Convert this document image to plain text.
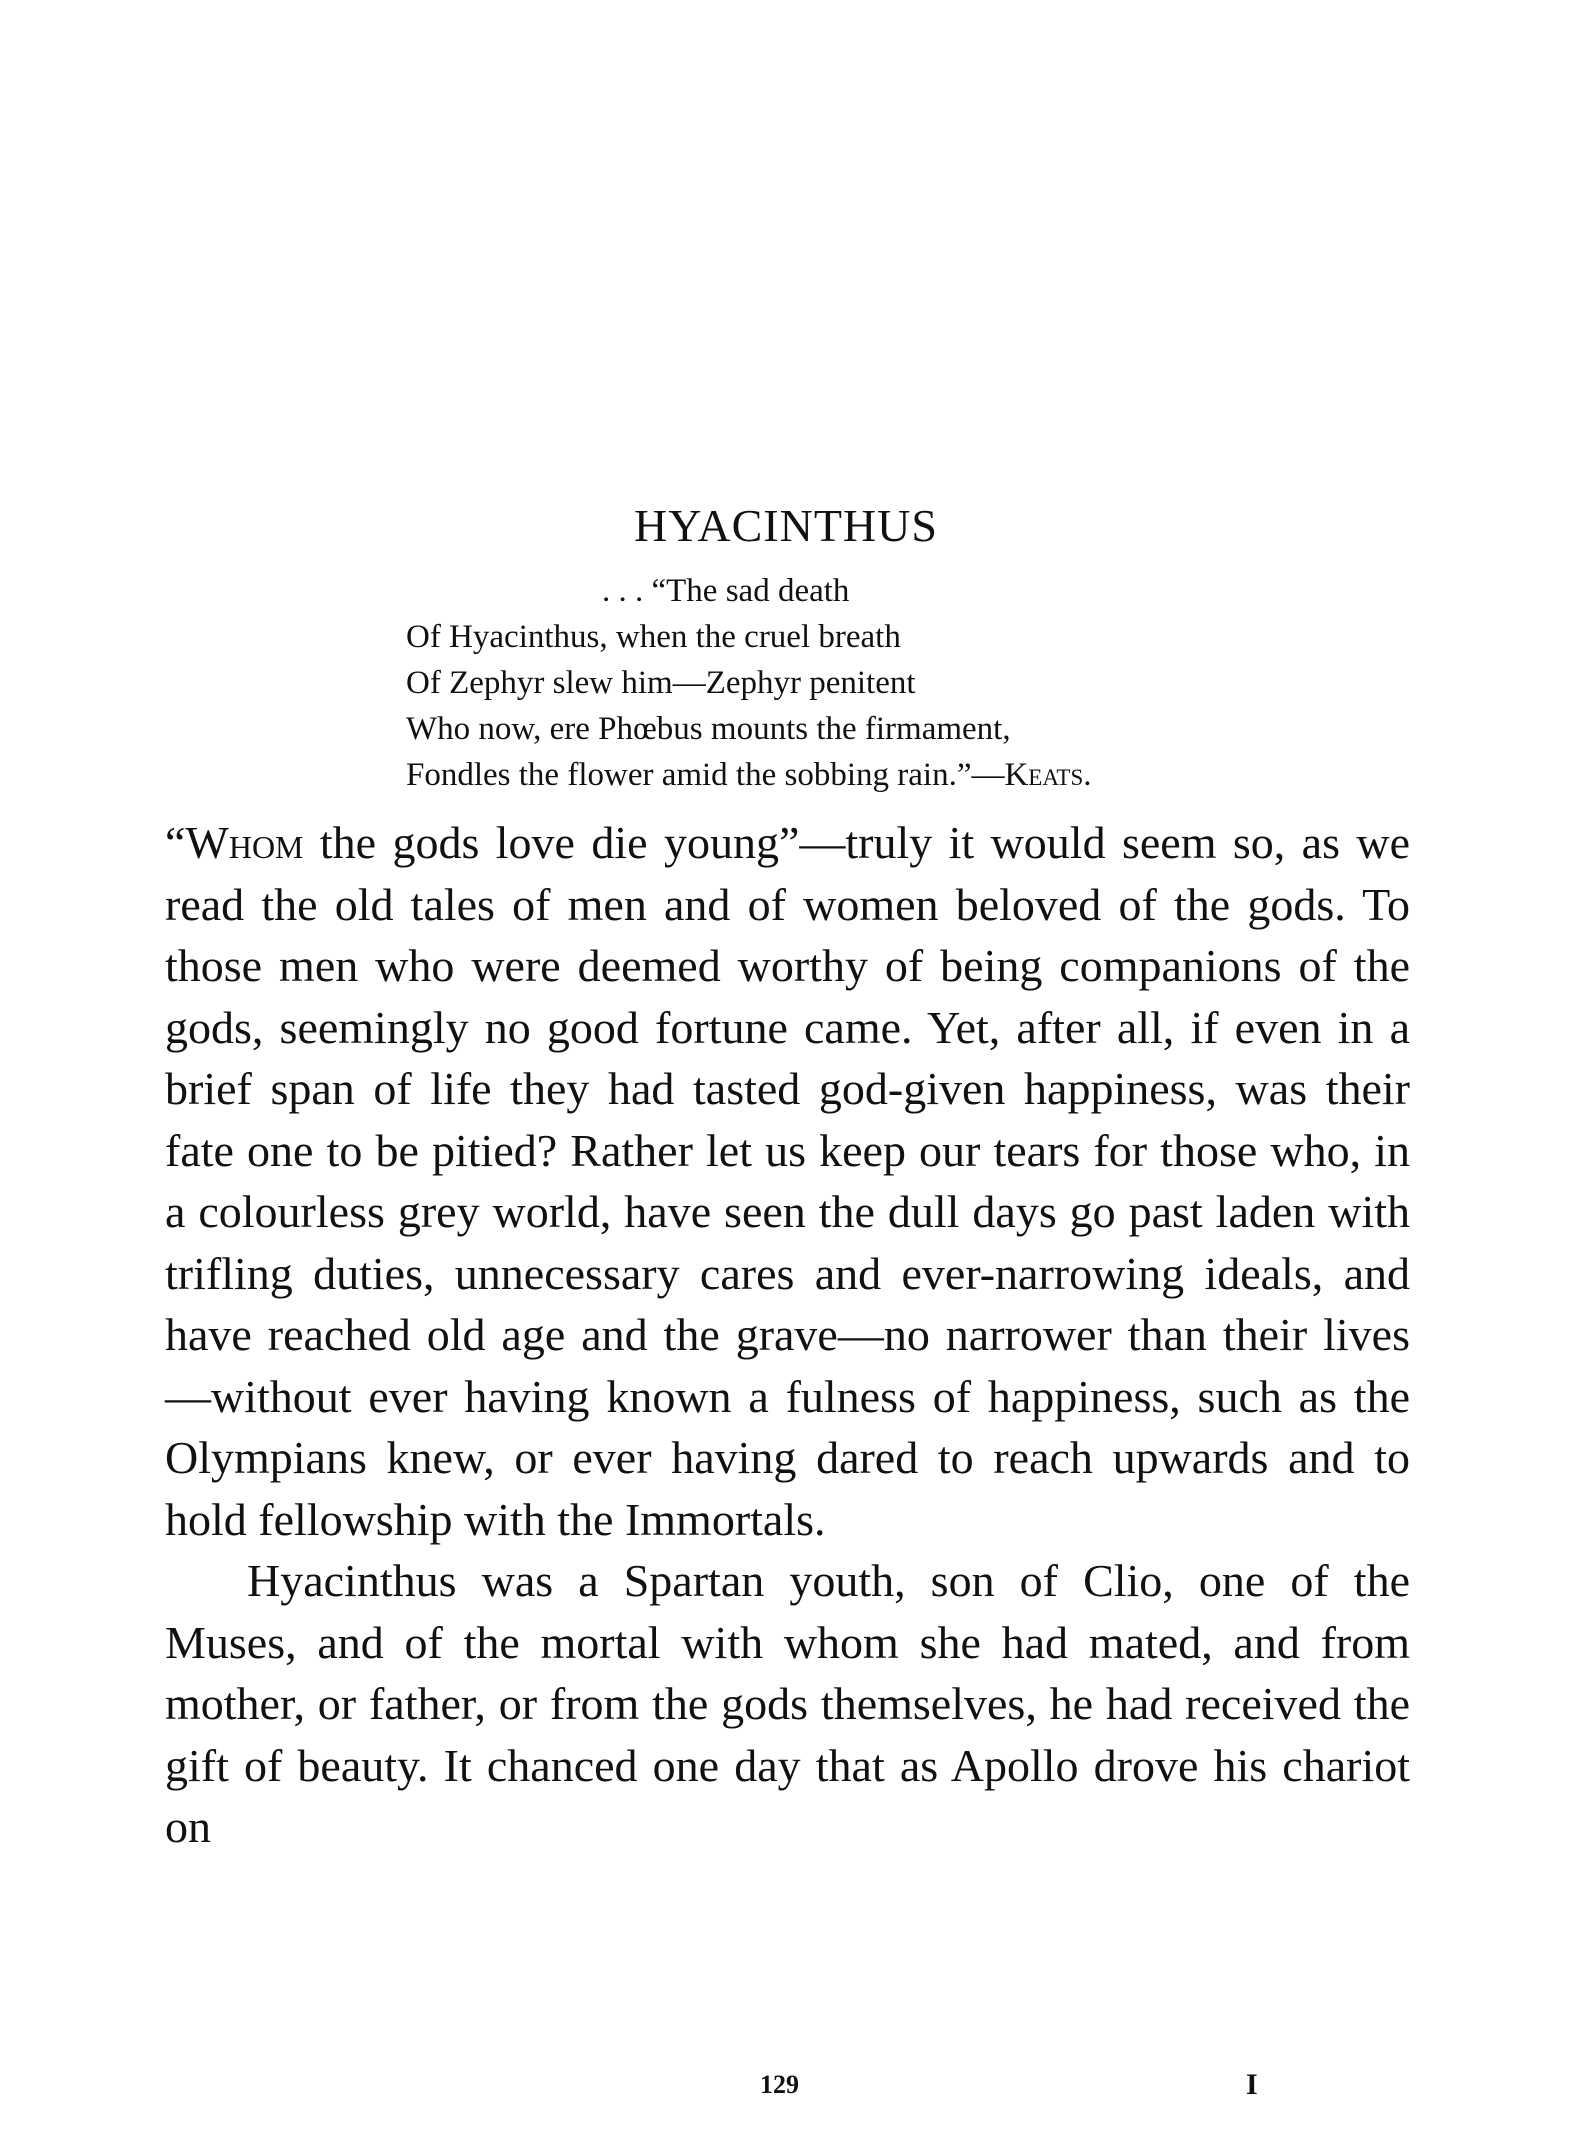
HYACINTHUS
. . . “The sad death
Of Hyacinthus, when the cruel breath
Of Zephyr slew him—Zephyr penitent
Who now, ere Phœbus mounts the firmament,
Fondles the flower amid the sobbing rain.”—Keats.

“Whom the gods love die young”—truly it would seem so, as we read the old tales of men and of women beloved of the gods. To those men who were deemed worthy of being companions of the gods, seemingly no good fortune came. Yet, after all, if even in a brief span of life they had tasted god-given happiness, was their fate one to be pitied? Rather let us keep our tears for those who, in a colourless grey world, have seen the dull days go past laden with trifling duties, unnecessary cares and ever-narrowing ideals, and have reached old age and the grave—no narrower than their lives—without ever having known a fulness of happiness, such as the Olympians knew, or ever having dared to reach upwards and to hold fellowship with the Immortals.

Hyacinthus was a Spartan youth, son of Clio, one of the Muses, and of the mortal with whom she had mated, and from mother, or father, or from the gods themselves, he had received the gift of beauty. It chanced one day that as Apollo drove his chariot on

129	I
